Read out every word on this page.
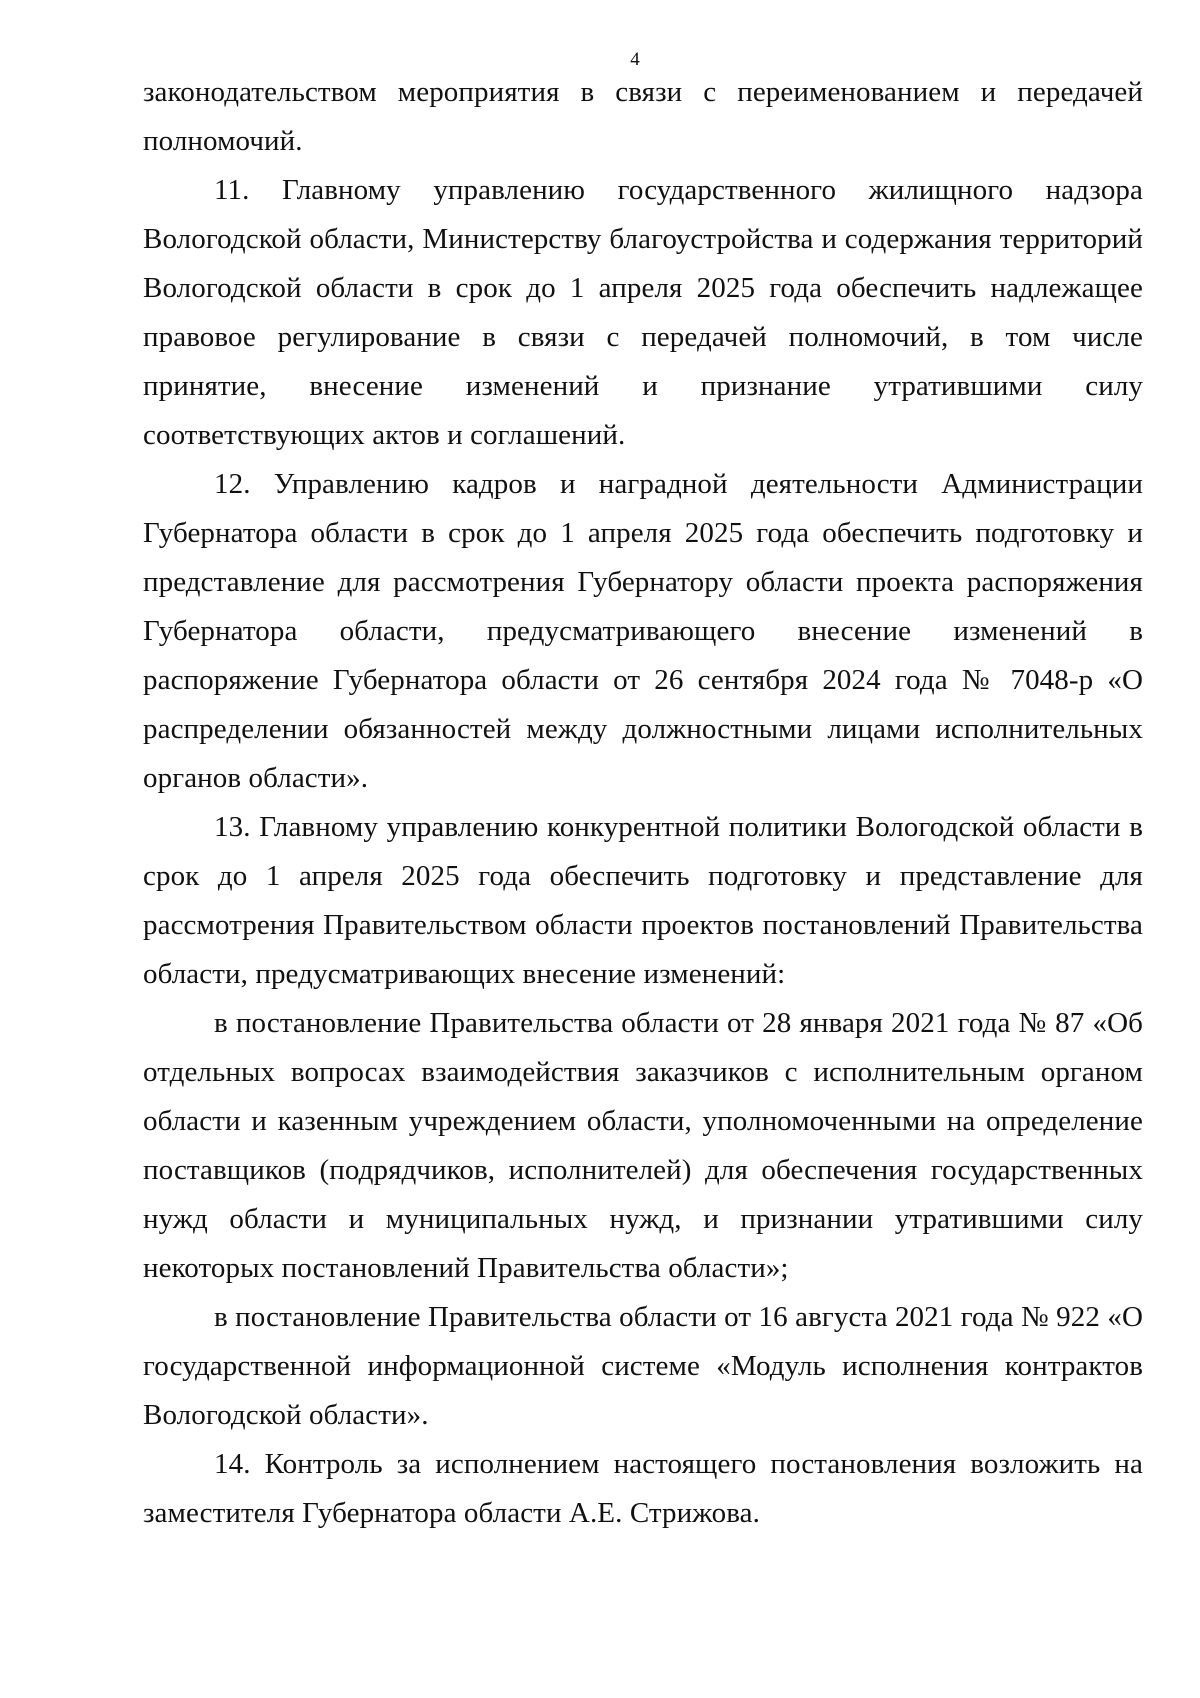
4

законодательством мероприятия в связи с переименованием и передачей полномочий.

11. Главному управлению государственного жилищного надзора Вологодской области, Министерству благоустройства и содержания территорий Вологодской области в срок до 1 апреля 2025 года обеспечить надлежащее правовое регулирование в связи с передачей полномочий, в том числе принятие, внесение изменений и признание утратившими силу соответствующих актов и соглашений.

12. Управлению кадров и наградной деятельности Администрации Губернатора области в срок до 1 апреля 2025 года обеспечить подготовку и представление для рассмотрения Губернатору области проекта распоряжения Губернатора области, предусматривающего внесение изменений в распоряжение Губернатора области от 26 сентября 2024 года № 7048-р «О распределении обязанностей между должностными лицами исполнительных органов области».

13. Главному управлению конкурентной политики Вологодской области в срок до 1 апреля 2025 года обеспечить подготовку и представление для рассмотрения Правительством области проектов постановлений Правительства области, предусматривающих внесение изменений:

в постановление Правительства области от 28 января 2021 года № 87 «Об отдельных вопросах взаимодействия заказчиков с исполнительным органом области и казенным учреждением области, уполномоченными на определение поставщиков (подрядчиков, исполнителей) для обеспечения государственных нужд области и муниципальных нужд, и признании утратившими силу некоторых постановлений Правительства области»;

в постановление Правительства области от 16 августа 2021 года № 922 «О государственной информационной системе «Модуль исполнения контрактов Вологодской области».

14. Контроль за исполнением настоящего постановления возложить на заместителя Губернатора области А.Е. Стрижова.
